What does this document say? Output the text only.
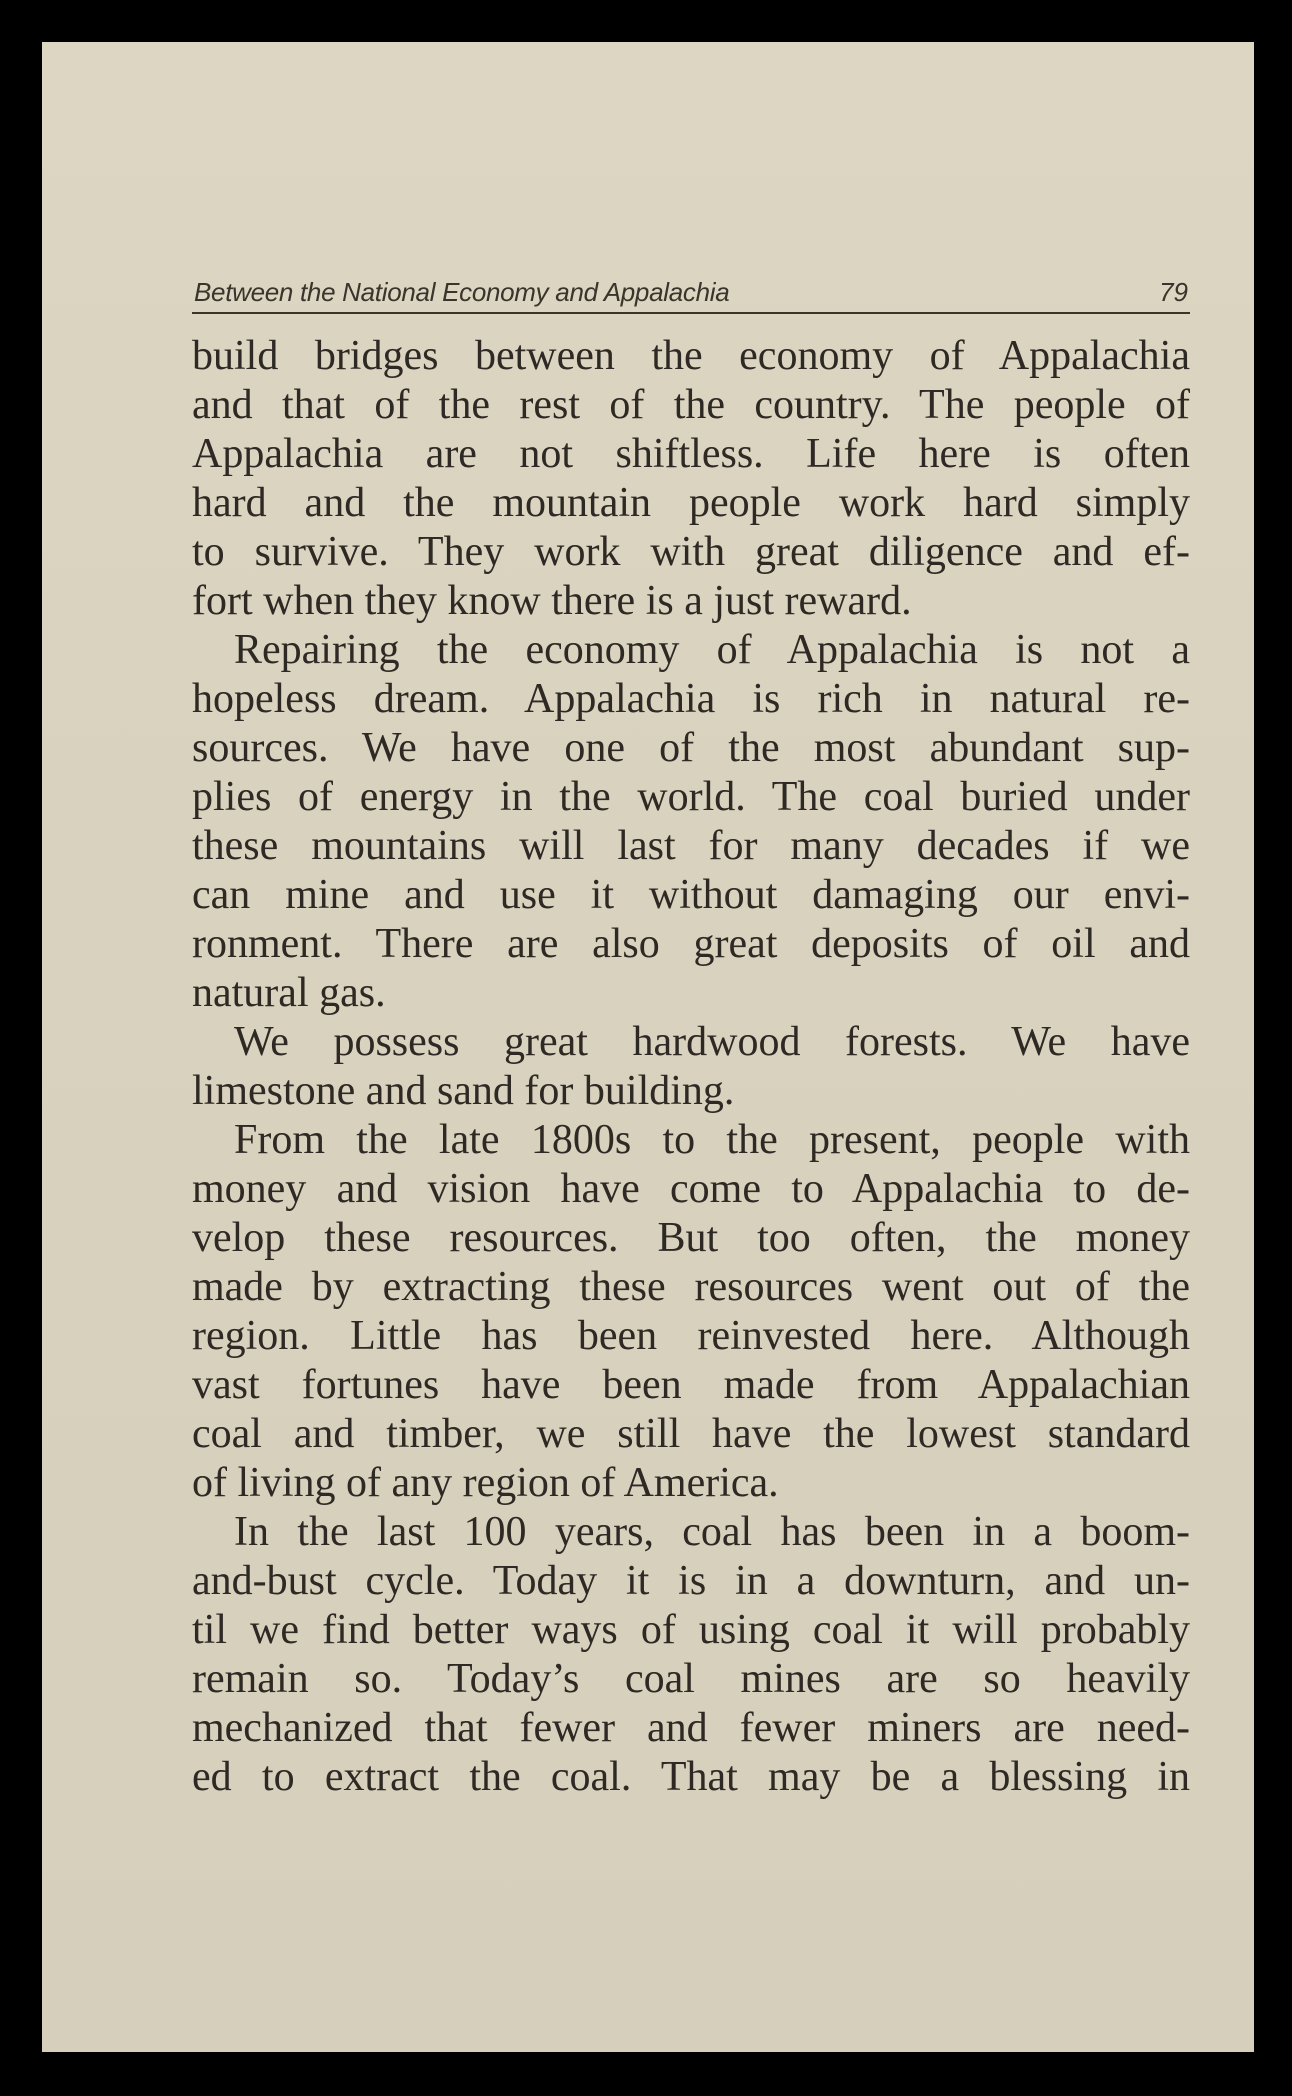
Between the National Economy and Appalachia	79

build bridges between the economy of Appalachia
and that of the rest of the country. The people of
Appalachia are not shiftless. Life here is often
hard and the mountain people work hard simply
to survive. They work with great diligence and ef-
fort when they know there is a just reward.

Repairing the economy of Appalachia is not a
hopeless dream. Appalachia is rich in natural re-
sources. We have one of the most abundant sup-
plies of energy in the world. The coal buried under
these mountains will last for many decades if we
can mine and use it without damaging our envi-
ronment. There are also great deposits of oil and
natural gas.

We possess great hardwood forests. We have
limestone and sand for building.

From the late 1800s to the present, people with
money and vision have come to Appalachia to de-
velop these resources. But too often, the money
made by extracting these resources went out of the
region. Little has been reinvested here. Although
vast fortunes have been made from Appalachian
coal and timber, we still have the lowest standard
of living of any region of America.

In the last 100 years, coal has been in a boom-
and-bust cycle. Today it is in a downturn, and un-
til we find better ways of using coal it will probably
remain so. Today’s coal mines are so heavily
mechanized that fewer and fewer miners are need-
ed to extract the coal. That may be a blessing in
